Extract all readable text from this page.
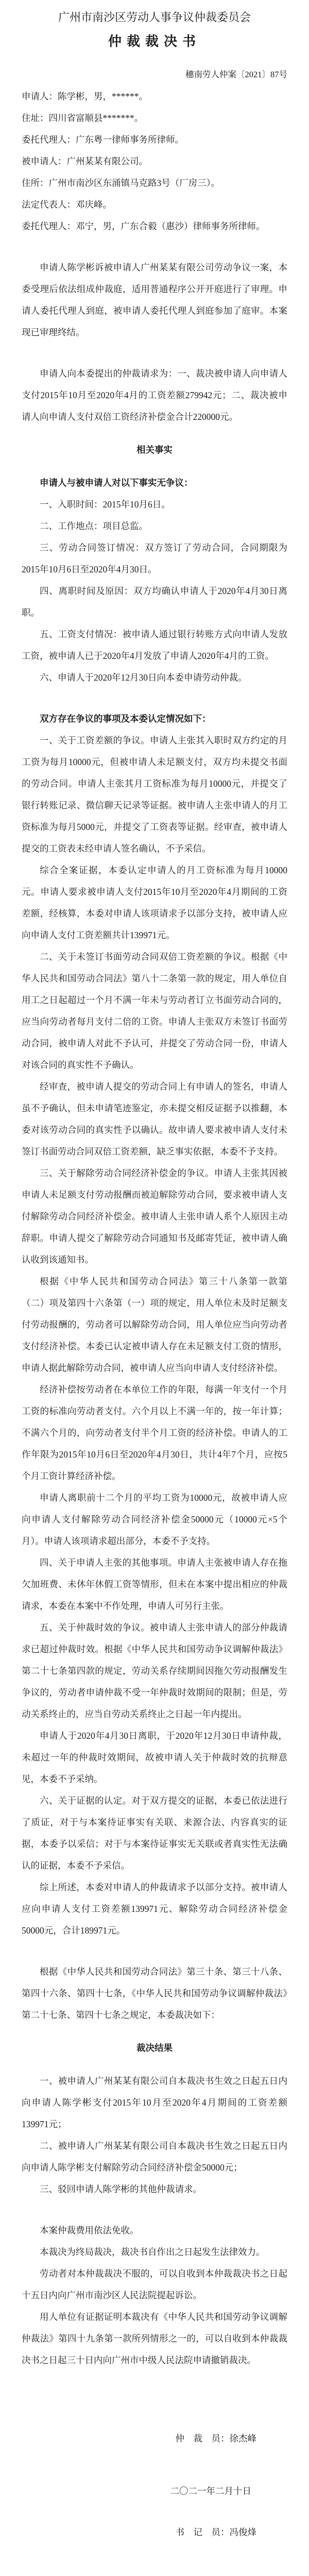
广州市南沙区劳动人事争议仲裁委员会
仲裁裁决书
穗南劳人仲案〔2021〕87号

申请人：陈学彬，男，******。

住址：四川省富顺县*******。

委托代理人：广东粤一律师事务所律师。

被申请人：广州某某有限公司。

住所：广州市南沙区东涌镇马克路3号（厂房三）。

法定代表人：邓庆峰。

委托代理人：邓宁，男，广东合毅（惠沙）律师事务所律师。

申请人陈学彬诉被申请人广州某某有限公司劳动争议一案，本委受理后依法组成仲裁庭，适用普通程序公开开庭进行了审理。申请人委托代理人到庭，被申请人委托代理人到庭参加了庭审。本案现已审理终结。

申请人向本委提出的仲裁请求为：一、裁决被申请人向申请人支付2015年10月至2020年4月的工资差额279942元；二、裁决被申请人向申请人支付双倍工资经济补偿金合计220000元。

相关事实

申请人与被申请人对以下事实无争议：

一、入职时间：2015年10月6日。

二、工作地点：项目总监。

三、劳动合同签订情况：双方签订了劳动合同，合同期限为2015年10月6日至2020年4月30日。

四、离职时间及原因：双方均确认申请人于2020年4月30日离职。

五、工资支付情况：被申请人通过银行转账方式向申请人发放工资，被申请人已于2020年4月发放了申请人2020年4月的工资。

六、申请人于2020年12月30日向本委申请劳动仲裁。

双方存在争议的事项及本委认定情况如下：

一、关于工资差额的争议。申请人主张其入职时双方约定的月工资为每月10000元，但被申请人未足额支付，双方均未提交书面的劳动合同。申请人主张其月工资标准为每月10000元，并提交了银行转账记录、微信聊天记录等证据。被申请人主张申请人的月工资标准为每月5000元，并提交了工资表等证据。经审查，被申请人提交的工资表未经申请人签名确认，不予采信。

综合全案证据，本委认定申请人的月工资标准为每月10000元。申请人要求被申请人支付2015年10月至2020年4月期间的工资差额，经核算，本委对申请人该项请求予以部分支持，被申请人应向申请人支付工资差额共计139971元。

二、关于未签订书面劳动合同双倍工资差额的争议。根据《中华人民共和国劳动合同法》第八十二条第一款的规定，用人单位自用工之日起超过一个月不满一年未与劳动者订立书面劳动合同的，应当向劳动者每月支付二倍的工资。申请人主张双方未签订书面劳动合同，被申请人对此不予认可，并提交了劳动合同一份，申请人对该合同的真实性不予确认。

经审查，被申请人提交的劳动合同上有申请人的签名，申请人虽不予确认，但未申请笔迹鉴定，亦未提交相反证据予以推翻，本委对该劳动合同的真实性予以确认。故申请人要求被申请人支付未签订书面劳动合同双倍工资差额，缺乏事实依据，本委不予支持。

三、关于解除劳动合同经济补偿金的争议。申请人主张其因被申请人未足额支付劳动报酬而被迫解除劳动合同，要求被申请人支付解除劳动合同经济补偿金。被申请人主张申请人系个人原因主动辞职。申请人提交了解除劳动合同通知书及邮寄凭证，被申请人确认收到该通知书。

根据《中华人民共和国劳动合同法》第三十八条第一款第（二）项及第四十六条第（一）项的规定，用人单位未及时足额支付劳动报酬的，劳动者可以解除劳动合同，用人单位应当向劳动者支付经济补偿。本委已认定被申请人存在未足额支付工资的情形，申请人据此解除劳动合同，被申请人应当向申请人支付经济补偿。

经济补偿按劳动者在本单位工作的年限，每满一年支付一个月工资的标准向劳动者支付。六个月以上不满一年的，按一年计算；不满六个月的，向劳动者支付半个月工资的经济补偿。申请人的工作年限为2015年10月6日至2020年4月30日，共计4年7个月，应按5个月工资计算经济补偿。

申请人离职前十二个月的平均工资为10000元，故被申请人应向申请人支付解除劳动合同经济补偿金50000元（10000元×5个月）。申请人该项请求超出部分，本委不予支持。

四、关于申请人主张的其他事项。申请人主张被申请人存在拖欠加班费、未休年休假工资等情形，但未在本案中提出相应的仲裁请求，本委在本案中不作处理，申请人可另行主张。

五、关于仲裁时效的争议。被申请人主张申请人的部分仲裁请求已超过仲裁时效。根据《中华人民共和国劳动争议调解仲裁法》第二十七条第四款的规定，劳动关系存续期间因拖欠劳动报酬发生争议的，劳动者申请仲裁不受一年仲裁时效期间的限制；但是，劳动关系终止的，应当自劳动关系终止之日起一年内提出。

申请人于2020年4月30日离职，于2020年12月30日申请仲裁，未超过一年的仲裁时效期间，故被申请人关于仲裁时效的抗辩意见，本委不予采纳。

六、关于证据的认定。对于双方提交的证据，本委已依法进行了质证，对于与本案待证事实有关联、来源合法、内容真实的证据，本委予以采信；对于与本案待证事实无关联或者真实性无法确认的证据，本委不予采信。

综上所述，本委对申请人的仲裁请求予以部分支持。被申请人应向申请人支付工资差额139971元、解除劳动合同经济补偿金50000元，合计189971元。

根据《中华人民共和国劳动合同法》第三十条、第三十八条、第四十六条、第四十七条，《中华人民共和国劳动争议调解仲裁法》第二十七条、第四十七条之规定，本委裁决如下：

裁决结果

一、被申请人广州某某有限公司自本裁决书生效之日起五日内向申请人陈学彬支付2015年10月至2020年4月期间的工资差额139971元；

二、被申请人广州某某有限公司自本裁决书生效之日起五日内向申请人陈学彬支付解除劳动合同经济补偿金50000元；

三、驳回申请人陈学彬的其他仲裁请求。

本案仲裁费用依法免收。

本裁决为终局裁决，裁决书自作出之日起发生法律效力。

劳动者对本仲裁裁决不服的，可以自收到本仲裁裁决书之日起十五日内向广州市南沙区人民法院提起诉讼。

用人单位有证据证明本裁决有《中华人民共和国劳动争议调解仲裁法》第四十九条第一款所列情形之一的，可以自收到本仲裁裁决书之日起三十日内向广州市中级人民法院申请撤销裁决。

仲　裁　员：徐杰峰

二〇二一年二月十日

书　记　员：冯俊烽
